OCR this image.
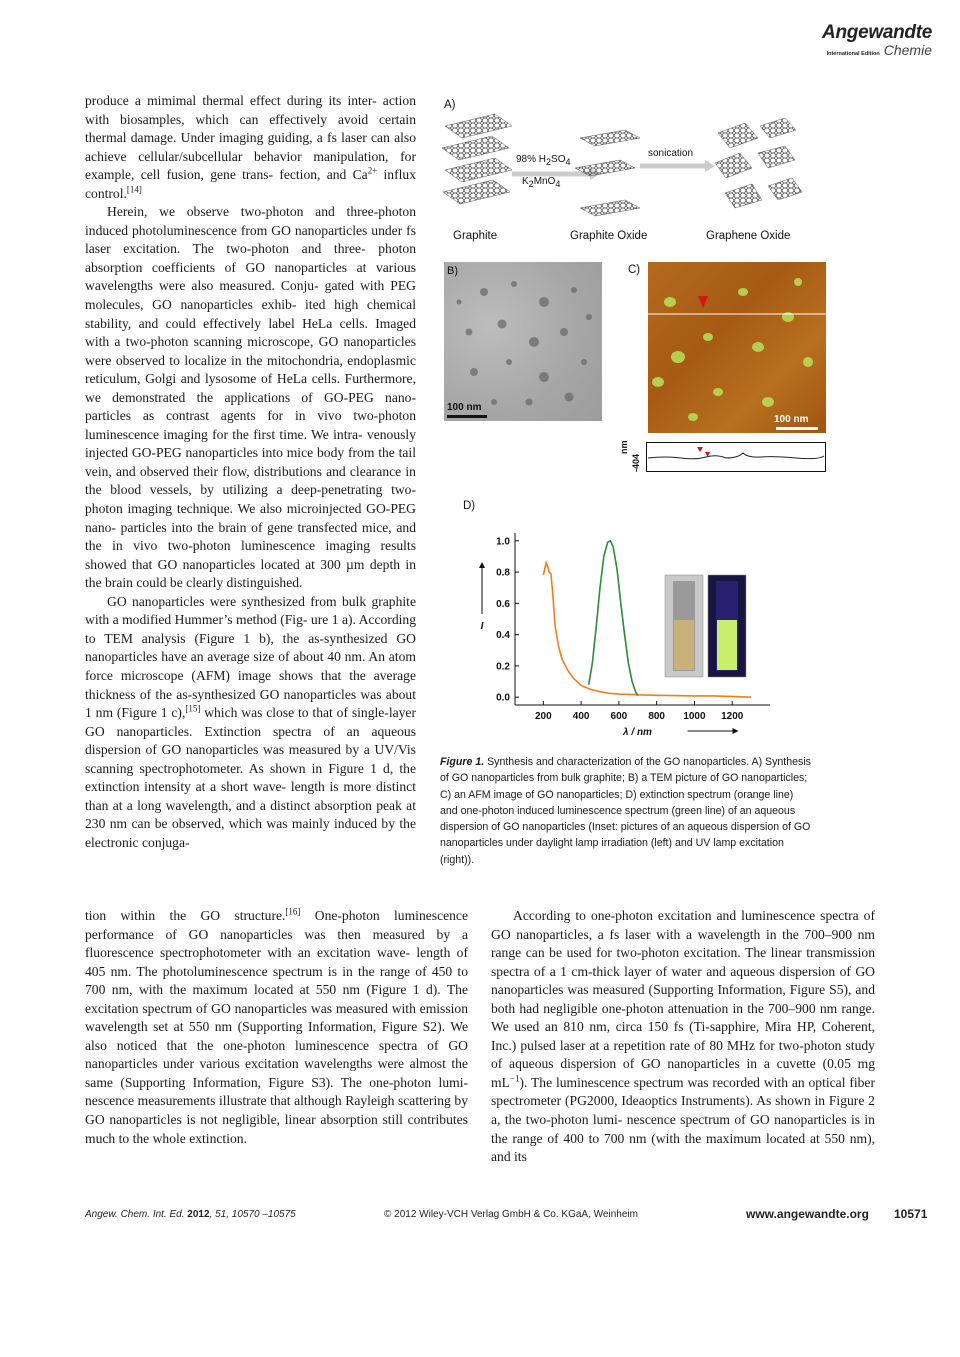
Angewandte
International Edition Chemie

produce a mimimal thermal effect during its inter- action with biosamples, which can effectively avoid certain thermal damage. Under imaging guiding, a fs laser can also achieve cellular/subcellular behavior manipulation, for example, cell fusion, gene trans- fection, and $Ca^{2+}$ influx control.[14]

Herein, we observe two-photon and three-photon induced photoluminescence from GO nanoparticles under fs laser excitation. The two-photon and three- photon absorption coefficients of GO nanoparticles at various wavelengths were also measured. Conju- gated with PEG molecules, GO nanoparticles exhib- ited high chemical stability, and could effectively label HeLa cells. Imaged with a two-photon scanning microscope, GO nanoparticles were observed to localize in the mitochondria, endoplasmic reticulum, Golgi and lysosome of HeLa cells. Furthermore, we demonstrated the applications of GO-PEG nano- particles as contrast agents for in vivo two-photon luminescence imaging for the first time. We intra- venously injected GO-PEG nanoparticles into mice body from the tail vein, and observed their flow, distributions and clearance in the blood vessels, by utilizing a deep-penetrating two-photon imaging technique. We also microinjected GO-PEG nano- particles into the brain of gene transfected mice, and the in vivo two-photon luminescence imaging results showed that GO nanoparticles located at 300 µm depth in the brain could be clearly distinguished.

GO nanoparticles were synthesized from bulk graphite with a modified Hummer’s method (Fig- ure 1 a). According to TEM analysis (Figure 1 b), the as-synthesized GO nanoparticles have an average size of about 40 nm. An atom force microscope (AFM) image shows that the average thickness of the as-synthesized GO nanoparticles was about 1 nm (Figure 1 c),[15] which was close to that of single-layer GO nanoparticles. Extinction spectra of an aqueous dispersion of GO nanoparticles was measured by a UV/Vis scanning spectrophotometer. As shown in Figure 1 d, the extinction intensity at a short wave- length is more distinct than at a long wavelength, and a distinct absorption peak at 230 nm can be observed, which was mainly induced by the electronic conjuga-

tion within the GO structure.[16] One-photon luminescence performance of GO nanoparticles was then measured by a fluorescence spectrophotometer with an excitation wave- length of 405 nm. The photoluminescence spectrum is in the range of 450 to 700 nm, with the maximum located at 550 nm (Figure 1 d). The excitation spectrum of GO nanoparticles was measured with emission wavelength set at 550 nm (Supporting Information, Figure S2). We also noticed that the one-photon luminescence spectra of GO nanoparticles under various excitation wavelengths were almost the same (Supporting Information, Figure S3). The one-photon lumi- nescence measurements illustrate that although Rayleigh scattering by GO nanoparticles is not negligible, linear absorption still contributes much to the whole extinction.

According to one-photon excitation and luminescence spectra of GO nanoparticles, a fs laser with a wavelength in the 700–900 nm range can be used for two-photon excitation. The linear transmission spectra of a 1 cm-thick layer of water and aqueous dispersion of GO nanoparticles was measured (Supporting Information, Figure S5), and both had negligible one-photon attenuation in the 700–900 nm range. We used an 810 nm, circa 150 fs (Ti-sapphire, Mira HP, Coherent, Inc.) pulsed laser at a repetition rate of 80 MHz for two-photon study of aqueous dispersion of GO nanoparticles in a cuvette (0.05 mg $mL^{-1}$). The luminescence spectrum was recorded with an optical fiber spectrometer (PG2000, Ideaoptics Instruments). As shown in Figure 2 a, the two-photon lumi- nescence spectrum of GO nanoparticles is in the range of 400 to 700 nm (with the maximum located at 550 nm), and its

A)
98% $H_2SO_4$
$K_2MnO_4$
sonication
Graphite	Graphite Oxide	Graphene Oxide
B)
100 nm
C)
100 nm
nm
-404
D)
200 400 600 800 1000 1200
0.0
0.2
0.4
0.6
0.8
1.0
λ / nm
I

Figure 1. Synthesis and characterization of the GO nanoparticles. A) Synthesis
of GO nanoparticles from bulk graphite; B) a TEM picture of GO nanoparticles;
C) an AFM image of GO nanoparticles; D) extinction spectrum (orange line)
and one-photon induced luminescence spectrum (green line) of an aqueous
dispersion of GO nanoparticles (Inset: pictures of an aqueous dispersion of GO
nanoparticles under daylight lamp irradiation (left) and UV lamp excitation
(right)).

Angew. Chem. Int. Ed. 2012, 51, 10570 –10575	© 2012 Wiley-VCH Verlag GmbH & Co. KGaA, Weinheim	www.angewandte.org 10571
